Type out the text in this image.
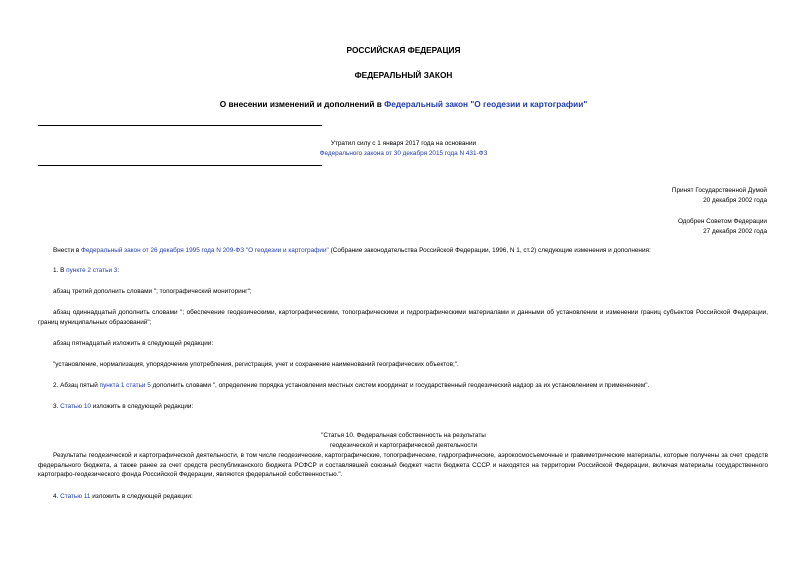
РОССИЙСКАЯ ФЕДЕРАЦИЯ
ФЕДЕРАЛЬНЫЙ ЗАКОН
О внесении изменений и дополнений в Федеральный закон "О геодезии и картографии"
Утратил силу с 1 января 2017 года на основании
Федерального закона от 30 декабря 2015 года N 431-ФЗ
Принят Государственной Думой
20 декабря 2002 года
Одобрен Советом Федерации
27 декабря 2002 года
Внести в Федеральный закон от 26 декабря 1995 года N 209-ФЗ "О геодезии и картографии" (Собрание законодательства Российской Федерации, 1996, N 1, ст.2) следующие изменения и дополнения:
1. В пункте 2 статьи 3:
абзац третий дополнить словами "; топографический мониторинг";
абзац одиннадцатый дополнить словами "; обеспечение геодезическими, картографическими, топографическими и гидрографическими материалами и данными об установлении и изменении границ субъектов Российской Федерации, границ муниципальных образований";
абзац пятнадцатый изложить в следующей редакции:
"установление, нормализация, упорядочение употребления, регистрация, учет и сохранение наименований географических объектов;".
2. Абзац пятый пункта 1 статьи 5 дополнить словами ", определение порядка установления местных систем координат и государственный геодезический надзор за их установлением и применением".
3. Статью 10 изложить в следующей редакции:
"Статья 10. Федеральная собственность на результаты
геодезической и картографической деятельности
Результаты геодезической и картографической деятельности, в том числе геодезические, картографические, топографические, гидрографические, аэрокосмосъемочные и гравиметрические материалы, которые получены за счет средств федерального бюджета, а также ранее за счет средств республиканского бюджета РСФСР и составлявшей союзный бюджет части бюджета СССР и находятся на территории Российской Федерации, включая материалы государственного картографо-геодезического фонда Российской Федерации, являются федеральной собственностью.".
4. Статью 11 изложить в следующей редакции:
